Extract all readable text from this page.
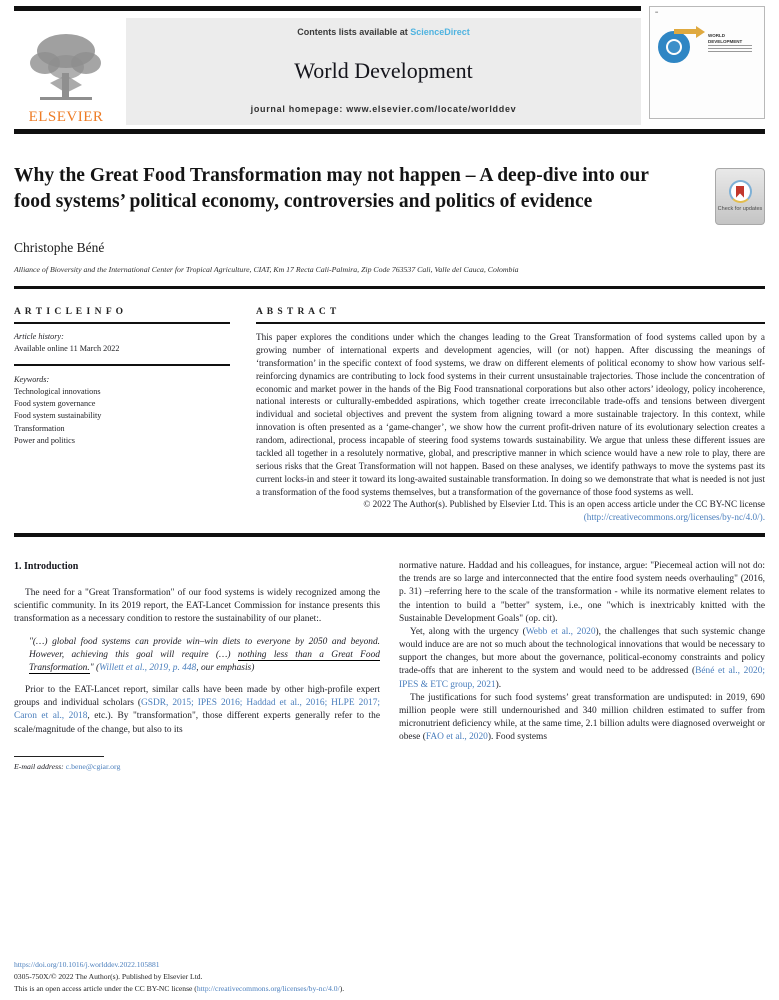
ELSEVIER
Contents lists available at ScienceDirect
World Development
journal homepage: www.elsevier.com/locate/worlddev
≡
WORLD DEVELOPMENT
Why the Great Food Transformation may not happen – A deep-dive into our food systems’ political economy, controversies and politics of evidence	Check for updates
Christophe Béné
Alliance of Bioversity and the International Center for Tropical Agriculture, CIAT, Km 17 Recta Cali-Palmira, Zip Code 763537 Cali, Valle del Cauca, Colombia
A R T I C L E I N F O
Article history:
Available online 11 March 2022
Keywords:
Technological innovations
Food system governance
Food system sustainability
Transformation
Power and politics
A B S T R A C T
This paper explores the conditions under which the changes leading to the Great Transformation of food systems called upon by a growing number of international experts and development agencies, will (or not) happen. After discussing the meanings of ‘transformation’ in the specific context of food systems, we draw on different elements of political economy to show how various self-reinforcing dynamics are contributing to lock food systems in their current unsustainable trajectories. Those include the concentration of economic and market power in the hands of the Big Food transnational corporations but also other actors’ ideology, policy incoherence, national interests or culturally-embedded aspirations, which together create irreconcilable trade-offs and tensions between divergent individual and societal objectives and prevent the system from aligning toward a more sustainable trajectory. In this context, while innovation is often presented as a ‘game-changer’, we show how the current profit-driven nature of its evolutionary selection creates a random, adirectional, process incapable of steering food systems towards sustainability. We argue that unless these different issues are tackled all together in a resolutely normative, global, and prescriptive manner in which science would have a new role to play, there are serious risks that the Great Transformation will not happen. Based on these analyses, we identify pathways to move the systems past its current locks-in and steer it toward its long-awaited sustainable transformation. In doing so we demonstrate that what is needed is not just a transformation of the food systems themselves, but a transformation of the governance of those food systems as well.
© 2022 The Author(s). Published by Elsevier Ltd. This is an open access article under the CC BY-NC license
(http://creativecommons.org/licenses/by-nc/4.0/).
1. Introduction
The need for a "Great Transformation" of our food systems is widely recognized among the scientific community. In its 2019 report, the EAT-Lancet Commission for instance presents this transformation as a necessary condition to restore the sustainability of our planet:.
"(…) global food systems can provide win–win diets to everyone by 2050 and beyond. However, achieving this goal will require (…) nothing less than a Great Food Transformation." (Willett et al., 2019, p. 448, our emphasis)
Prior to the EAT-Lancet report, similar calls have been made by other high-profile expert groups and individual scholars (GSDR, 2015; IPES 2016; Haddad et al., 2016; HLPE 2017; Caron et al., 2018, etc.). By "transformation", those different experts generally refer to the scale/magnitude of the change, but also to its
E-mail address: c.bene@cgiar.org
normative nature. Haddad and his colleagues, for instance, argue: "Piecemeal action will not do: the trends are so large and interconnected that the entire food system needs overhauling" (2016, p. 31) –referring here to the scale of the transformation - while its normative element relates to the intention to build a "better" system, i.e., one "which is inextricably knitted with the Sustainable Development Goals" (op. cit).
Yet, along with the urgency (Webb et al., 2020), the challenges that such systemic change would induce are are not so much about the technological innovations that would be necessary to support the changes, but more about the governance, political-economy constraints and policy trade-offs that are inherent to the system and would need to be addressed (Béné et al., 2020; IPES & ETC group, 2021).
The justifications for such food systems’ great transformation are undisputed: in 2019, 690 million people were still undernourished and 340 million children estimated to suffer from micronutrient deficiency while, at the same time, 2.1 billion adults were diagnosed overweight or obese (FAO et al., 2020). Food systems
https://doi.org/10.1016/j.worlddev.2022.105881
0305-750X/© 2022 The Author(s). Published by Elsevier Ltd.
This is an open access article under the CC BY-NC license (http://creativecommons.org/licenses/by-nc/4.0/).
